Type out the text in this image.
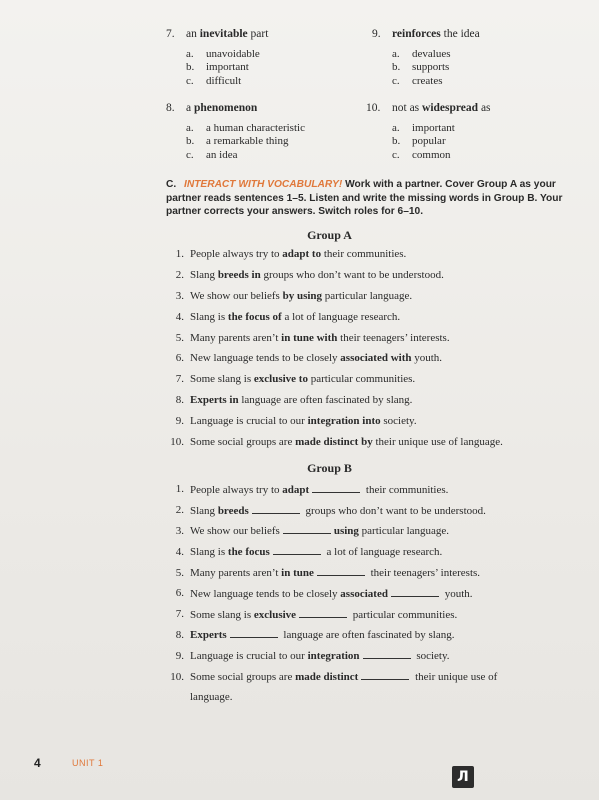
7. an inevitable part
a.	unavoidable
b.	important
c.	difficult
9. reinforces the idea
a.	devalues
b.	supports
c.	creates
8. a phenomenon
a.	a human characteristic
b.	a remarkable thing
c.	an idea
10. not as widespread as
a.	important
b.	popular
c.	common
C. INTERACT WITH VOCABULARY! Work with a partner. Cover Group A as your partner reads sentences 1–5. Listen and write the missing words in Group B. Your partner corrects your answers. Switch roles for 6–10.
Group A
1. People always try to adapt to their communities.
2. Slang breeds in groups who don’t want to be understood.
3. We show our beliefs by using particular language.
4. Slang is the focus of a lot of language research.
5. Many parents aren’t in tune with their teenagers’ interests.
6. New language tends to be closely associated with youth.
7. Some slang is exclusive to particular communities.
8. Experts in language are often fascinated by slang.
9. Language is crucial to our integration into society.
10. Some social groups are made distinct by their unique use of language.
Group B
1. People always try to adapt	their communities.
2. Slang breeds	groups who don’t want to be understood.
3. We show our beliefs	using particular language.
4. Slang is the focus	a lot of language research.
5. Many parents aren’t in tune	their teenagers’ interests.
6. New language tends to be closely associated	youth.
7. Some slang is exclusive	particular communities.
8. Experts	language are often fascinated by slang.
9. Language is crucial to our integration	society.
10. Some social groups are made distinct	their unique use of
language.
4	UNIT 1
Л
